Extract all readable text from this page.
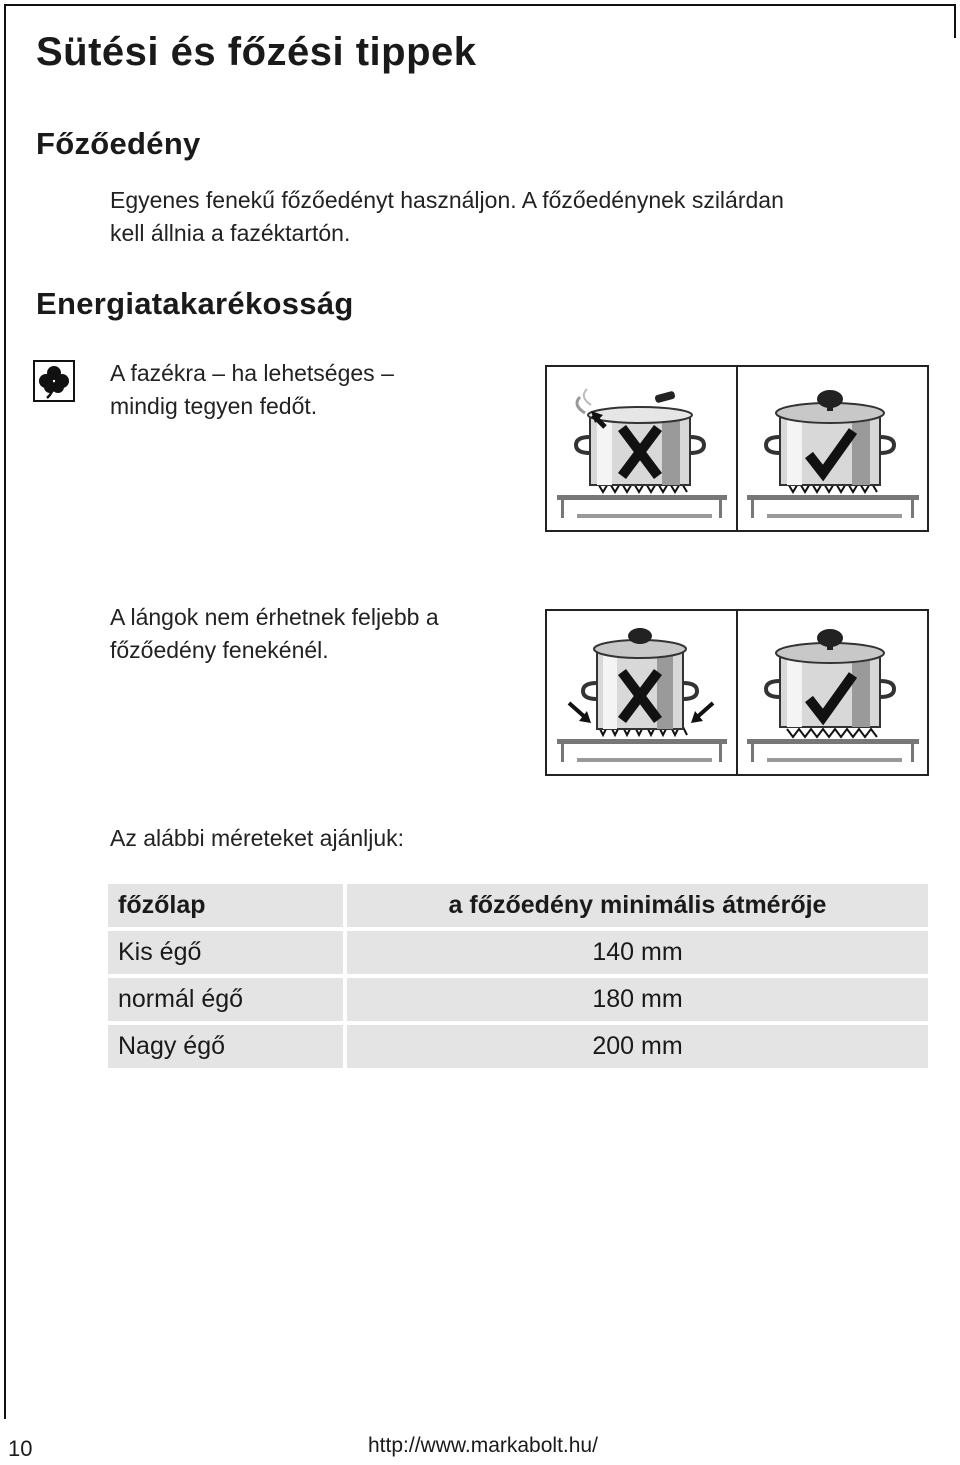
Sütési és főzési tippek
Főzőedény
Egyenes fenekű főzőedényt használjon. A főzőedénynek szilárdan
kell állnia a fazéktartón.
Energiatakarékosság
A fazékra – ha lehetséges –
mindig tegyen fedőt.
A lángok nem érhetnek feljebb a
főzőedény fenekénél.
Az alábbi méreteket ajánljuk:
főzőlap	a főzőedény minimális átmérője
Kis égő	140 mm
normál égő	180 mm
Nagy égő	200 mm
10	http://www.markabolt.hu/
